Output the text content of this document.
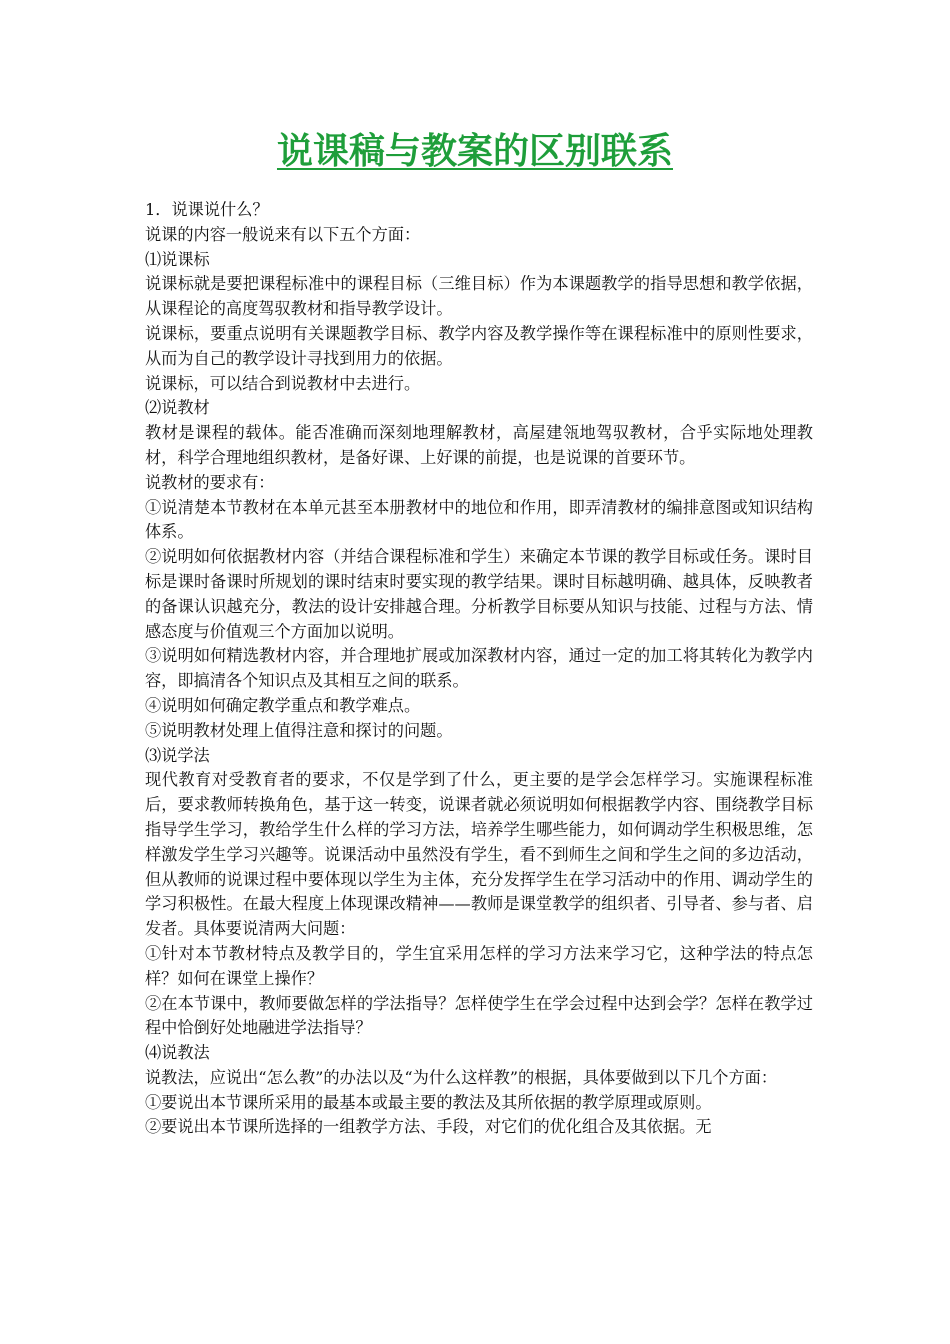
说课稿与教案的区别联系

1．说课说什么？

说课的内容一般说来有以下五个方面：

⑴说课标

说课标就是要把课程标准中的课程目标（三维目标）作为本课题教学的指导思想和教学依据，从课程论的高度驾驭教材和指导教学设计。

说课标，要重点说明有关课题教学目标、教学内容及教学操作等在课程标准中的原则性要求，从而为自己的教学设计寻找到用力的依据。

说课标，可以结合到说教材中去进行。

⑵说教材

教材是课程的载体。能否准确而深刻地理解教材，高屋建瓴地驾驭教材，合乎实际地处理教材，科学合理地组织教材，是备好课、上好课的前提，也是说课的首要环节。

说教材的要求有：

①说清楚本节教材在本单元甚至本册教材中的地位和作用，即弄清教材的编排意图或知识结构体系。

②说明如何依据教材内容（并结合课程标准和学生）来确定本节课的教学目标或任务。课时目标是课时备课时所规划的课时结束时要实现的教学结果。课时目标越明确、越具体，反映教者的备课认识越充分，教法的设计安排越合理。分析教学目标要从知识与技能、过程与方法、情感态度与价值观三个方面加以说明。

③说明如何精选教材内容，并合理地扩展或加深教材内容，通过一定的加工将其转化为教学内容，即搞清各个知识点及其相互之间的联系。

④说明如何确定教学重点和教学难点。

⑤说明教材处理上值得注意和探讨的问题。

⑶说学法

现代教育对受教育者的要求，不仅是学到了什么，更主要的是学会怎样学习。实施课程标准后，要求教师转换角色，基于这一转变，说课者就必须说明如何根据教学内容、围绕教学目标指导学生学习，教给学生什么样的学习方法，培养学生哪些能力，如何调动学生积极思维，怎样激发学生学习兴趣等。说课活动中虽然没有学生，看不到师生之间和学生之间的多边活动，但从教师的说课过程中要体现以学生为主体，充分发挥学生在学习活动中的作用、调动学生的学习积极性。在最大程度上体现课改精神——教师是课堂教学的组织者、引导者、参与者、启发者。具体要说清两大问题：

①针对本节教材特点及教学目的，学生宜采用怎样的学习方法来学习它，这种学法的特点怎样？如何在课堂上操作？

②在本节课中，教师要做怎样的学法指导？怎样使学生在学会过程中达到会学？怎样在教学过程中恰倒好处地融进学法指导？

⑷说教法

说教法，应说出“怎么教”的办法以及“为什么这样教”的根据，具体要做到以下几个方面：

①要说出本节课所采用的最基本或最主要的教法及其所依据的教学原理或原则。

②要说出本节课所选择的一组教学方法、手段，对它们的优化组合及其依据。无
